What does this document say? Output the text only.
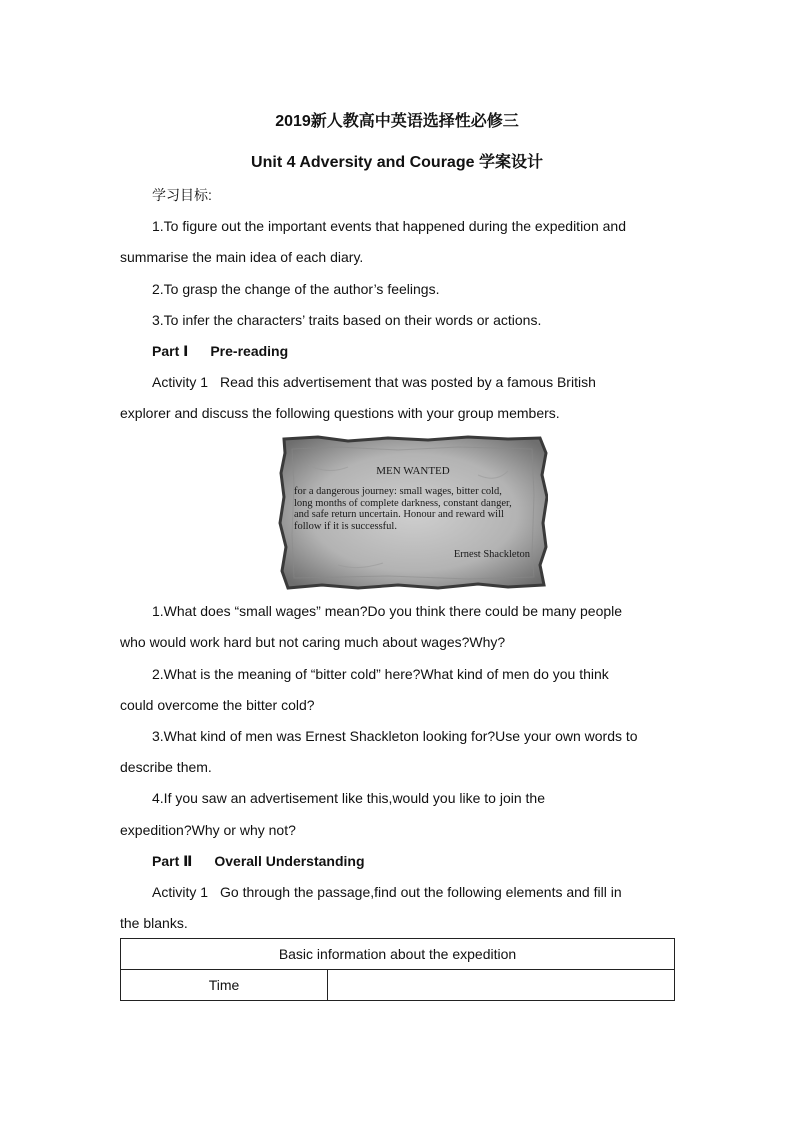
2019新人教高中英语选择性必修三
Unit 4 Adversity and Courage 学案设计
学习目标:
1.To figure out the important events that happened during the expedition and
summarise the main idea of each diary.
2.To grasp the change of the author’s feelings.
3.To infer the characters’ traits based on their words or actions.
Part Ⅰ Pre-reading
Activity 1 Read this advertisement that was posted by a famous British
explorer and discuss the following questions with your group members.
MEN WANTED
for a dangerous journey: small wages, bitter cold,
long months of complete darkness, constant danger,
and safe return uncertain. Honour and reward will
follow if it is successful.
Ernest Shackleton
1.What does “small wages” mean?Do you think there could be many people
who would work hard but not caring much about wages?Why?
2.What is the meaning of “bitter cold” here?What kind of men do you think
could overcome the bitter cold?
3.What kind of men was Ernest Shackleton looking for?Use your own words to
describe them.
4.If you saw an advertisement like this,would you like to join the
expedition?Why or why not?
Part Ⅱ Overall Understanding
Activity 1 Go through the passage,find out the following elements and fill in
the blanks.
Basic information about the expedition
Time	
